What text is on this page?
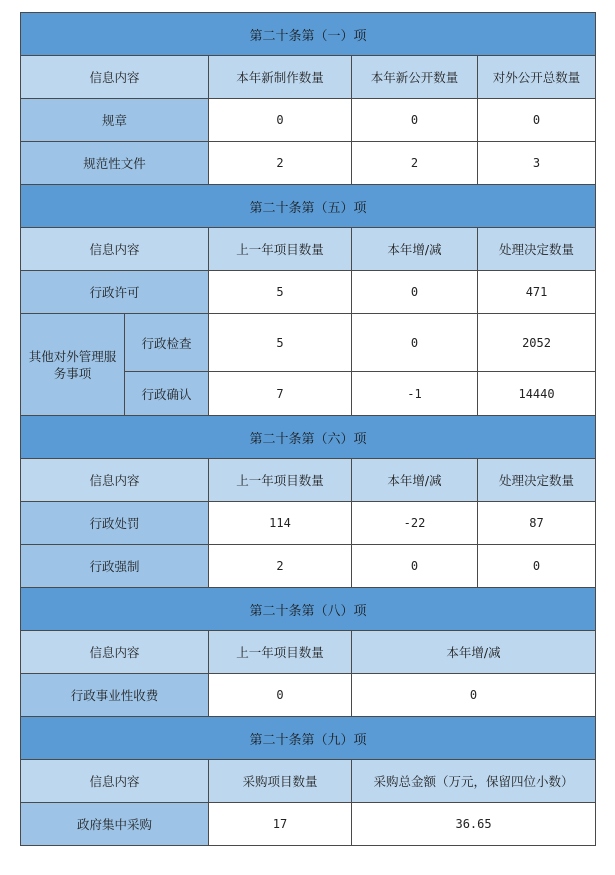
第二十条第（一）项				
信息内容		本年新制作数量	本年新公开数量	对外公开总数量
规章		0	0	0
规范性文件		2	2	3
第二十条第（五）项				
信息内容		上一年项目数量	本年增/减	处理决定数量
行政许可		5	0	471
其他对外管理服务事项	行政检查	5	0	2052
	行政确认	7	-1	14440
第二十条第（六）项				
信息内容		上一年项目数量	本年增/减	处理决定数量
行政处罚		114	-22	87
行政强制		2	0	0
第二十条第（八）项				
信息内容		上一年项目数量	本年增/减	
行政事业性收费		0	0	
第二十条第（九）项				
信息内容		采购项目数量	采购总金额（万元，保留四位小数）	
政府集中采购		17	36.65	
